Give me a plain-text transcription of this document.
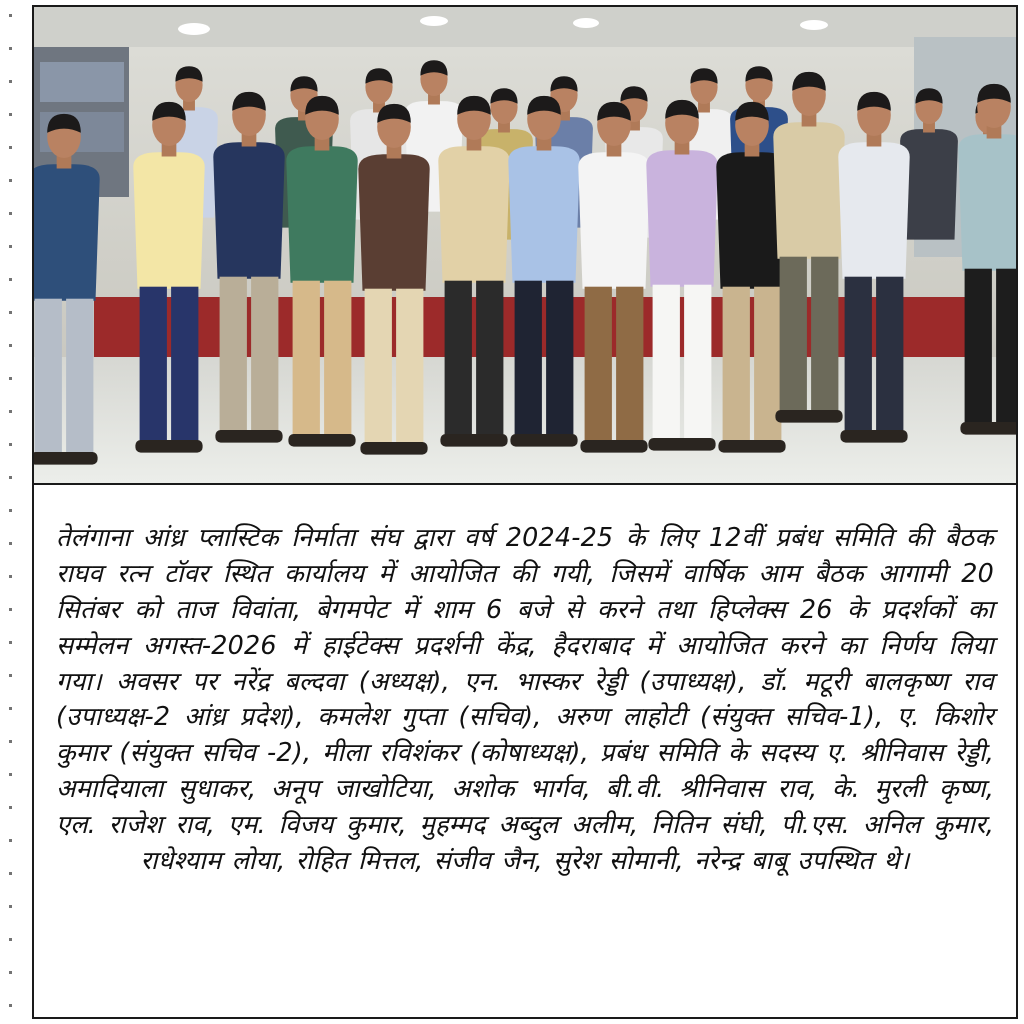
तेलंगाना आंध्र प्लास्टिक निर्माता संघ द्वारा वर्ष 2024-25 के लिए 12वीं प्रबंध समिति की बैठक राघव रत्न टॉवर स्थित कार्यालय में आयोजित की गयी, जिसमें वार्षिक आम बैठक आगामी 20 सितंबर को ताज विवांता, बेगमपेट में शाम 6 बजे से करने तथा हिप्लेक्स 26 के प्रदर्शकों का सम्मेलन अगस्त-2026 में हाईटेक्स प्रदर्शनी केंद्र, हैदराबाद में आयोजित करने का निर्णय लिया गया। अवसर पर नरेंद्र बल्दवा (अध्यक्ष), एन. भास्कर रेड्डी (उपाध्यक्ष), डॉ. मटूरी बालकृष्ण राव (उपाध्यक्ष-2 आंध्र प्रदेश), कमलेश गुप्ता (सचिव), अरुण लाहोटी (संयुक्त सचिव-1), ए. किशोर कुमार (संयुक्त सचिव -2), मीला रविशंकर (कोषाध्यक्ष), प्रबंध समिति के सदस्य ए. श्रीनिवास रेड्डी, अमादियाला सुधाकर, अनूप जाखोटिया, अशोक भार्गव, बी.वी. श्रीनिवास राव, के. मुरली कृष्ण, एल. राजेश राव, एम. विजय कुमार, मुहम्मद अब्दुल अलीम, नितिन संघी, पी.एस. अनिल कुमार, राधेश्याम लोया, रोहित मित्तल, संजीव जैन, सुरेश सोमानी, नरेन्द्र बाबू उपस्थित थे।
